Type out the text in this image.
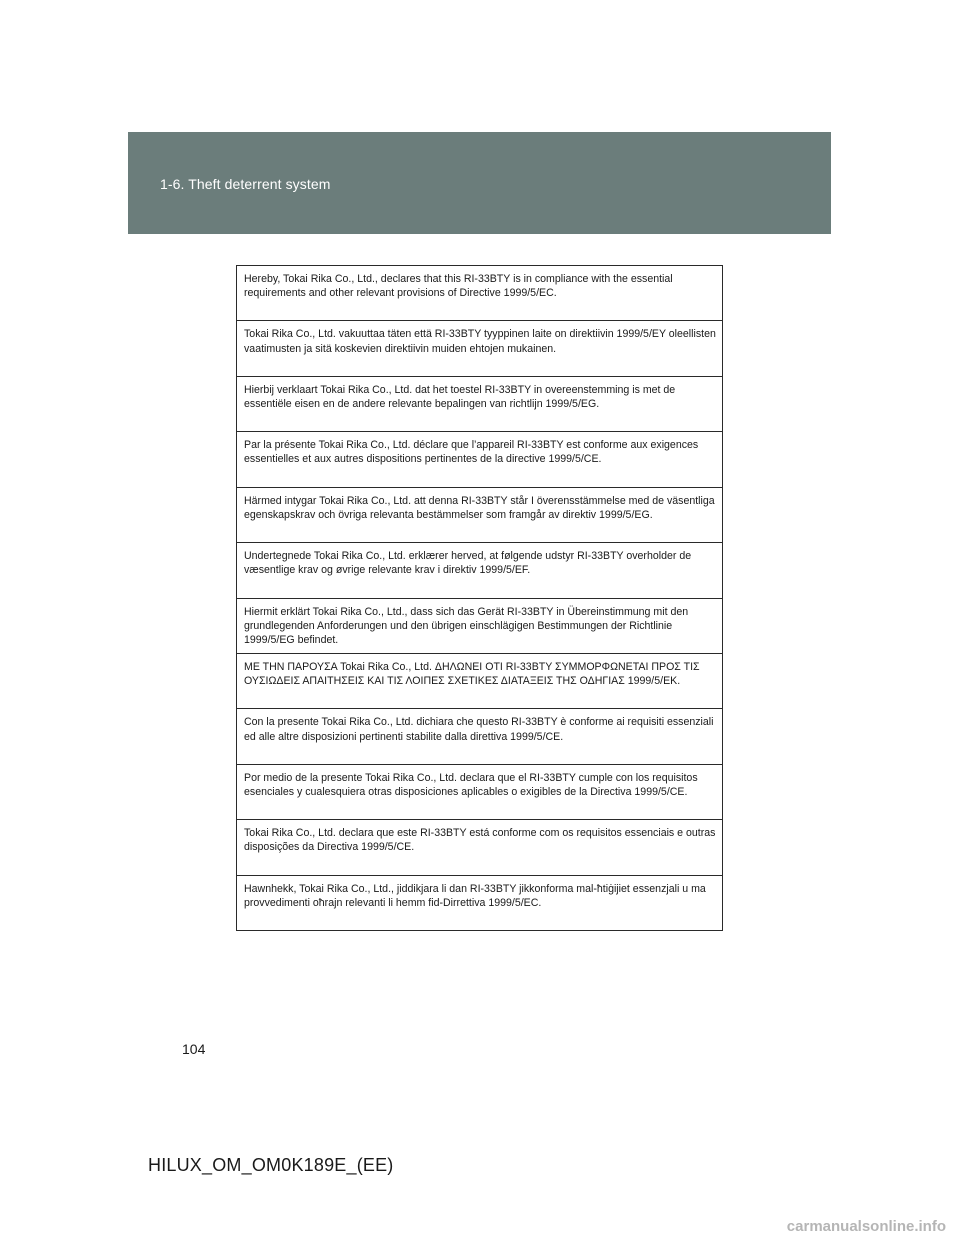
1-6. Theft deterrent system
Hereby, Tokai Rika Co., Ltd., declares that this RI-33BTY is in compliance with the essential requirements and other relevant provisions of Directive 1999/5/EC.
Tokai Rika Co., Ltd. vakuuttaa täten että RI-33BTY tyyppinen laite on direktiivin 1999/5/EY oleellisten vaatimusten ja sitä koskevien direktiivin muiden ehtojen mukainen.
Hierbij verklaart Tokai Rika Co., Ltd. dat het toestel RI-33BTY in overeenstemming is met de essentiële eisen en de andere relevante bepalingen van richtlijn 1999/5/EG.
Par la présente Tokai Rika Co., Ltd. déclare que l’appareil RI-33BTY est conforme aux exigences essentielles et aux autres dispositions pertinentes de la directive 1999/5/CE.
Härmed intygar Tokai Rika Co., Ltd. att denna RI-33BTY står I överensstämmelse med de väsentliga egenskapskrav och övriga relevanta bestämmelser som framgår av direktiv 1999/5/EG.
Undertegnede Tokai Rika Co., Ltd. erklærer herved, at følgende udstyr RI-33BTY overholder de væsentlige krav og øvrige relevante krav i direktiv 1999/5/EF.
Hiermit erklärt Tokai Rika Co., Ltd., dass sich das Gerät RI-33BTY in Übereinstimmung mit den grundlegenden Anforderungen und den übrigen einschlägigen Bestimmungen der Richtlinie 1999/5/EG befindet.
ΜΕ ΤΗΝ ΠΑΡΟΥΣΑ Tokai Rika Co., Ltd. ΔΗΛΩΝΕΙ ΟΤΙ RI-33BTY ΣΥΜΜΟΡΦΩΝΕΤΑΙ ΠΡΟΣ ΤΙΣ ΟΥΣΙΩΔΕΙΣ ΑΠΑΙΤΗΣΕΙΣ ΚΑΙ ΤΙΣ ΛΟΙΠΕΣ ΣΧΕΤΙΚΕΣ ΔΙΑΤΑΞΕΙΣ ΤΗΣ ΟΔΗΓΙΑΣ 1999/5/ΕΚ.
Con la presente Tokai Rika Co., Ltd. dichiara che questo RI-33BTY è conforme ai requisiti essenziali ed alle altre disposizioni pertinenti stabilite dalla direttiva 1999/5/CE.
Por medio de la presente Tokai Rika Co., Ltd. declara que el RI-33BTY cumple con los requisitos esenciales y cualesquiera otras disposiciones aplicables o exigibles de la Directiva 1999/5/CE.
Tokai Rika Co., Ltd. declara que este RI-33BTY está conforme com os requisitos essenciais e outras disposições da Directiva 1999/5/CE.
Hawnhekk, Tokai Rika Co., Ltd., jiddikjara li dan RI-33BTY jikkonforma mal-ħtiġijiet essenzjali u ma provvedimenti oħrajn relevanti li hemm fid-Dirrettiva 1999/5/EC.
104
HILUX_OM_OM0K189E_(EE)
carmanualsonline.info
